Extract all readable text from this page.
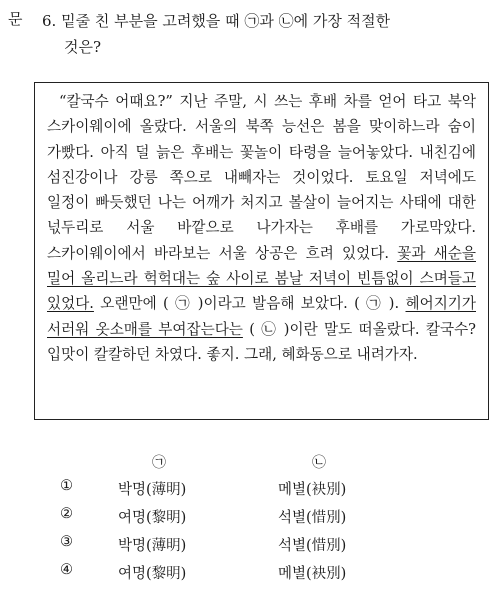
문 6. 밑줄 친 부분을 고려했을 때 ㉠과 ㉡에 가장 적절한
것은?

“칼국수 어때요?” 지난 주말, 시 쓰는 후배 차를 얻어 타고 북악 스카이웨이에 올랐다. 서울의 북쪽 능선은 봄을 맞이하느라 숨이 가빴다. 아직 덜 늙은 후배는 꽃놀이 타령을 늘어놓았다. 내친김에 섬진강이나 강릉 쪽으로 내빼자는 것이었다. 토요일 저녁에도 일정이 빠듯했던 나는 어깨가 처지고 볼살이 늘어지는 사태에 대한 넋두리로 서울 바깥으로 나가자는 후배를 가로막았다. 스카이웨이에서 바라보는 서울 상공은 흐려 있었다. 꽃과 새순을 밀어 올리느라 헉헉대는 숲 사이로 봄날 저녁이 빈틈없이 스며들고 있었다. 오랜만에 ( ㉠ )이라고 발음해 보았다. ( ㉠ ). 헤어지기가 서러워 옷소매를 부여잡는다는 ( ㉡ )이란 말도 떠올랐다. 칼국수? 입맛이 칼칼하던 차였다. 좋지. 그래, 혜화동으로 내려가자.

㉠	㉡
①	박명(薄明)	메별(袂別)
②	여명(黎明)	석별(惜別)
③	박명(薄明)	석별(惜別)
④	여명(黎明)	메별(袂別)
